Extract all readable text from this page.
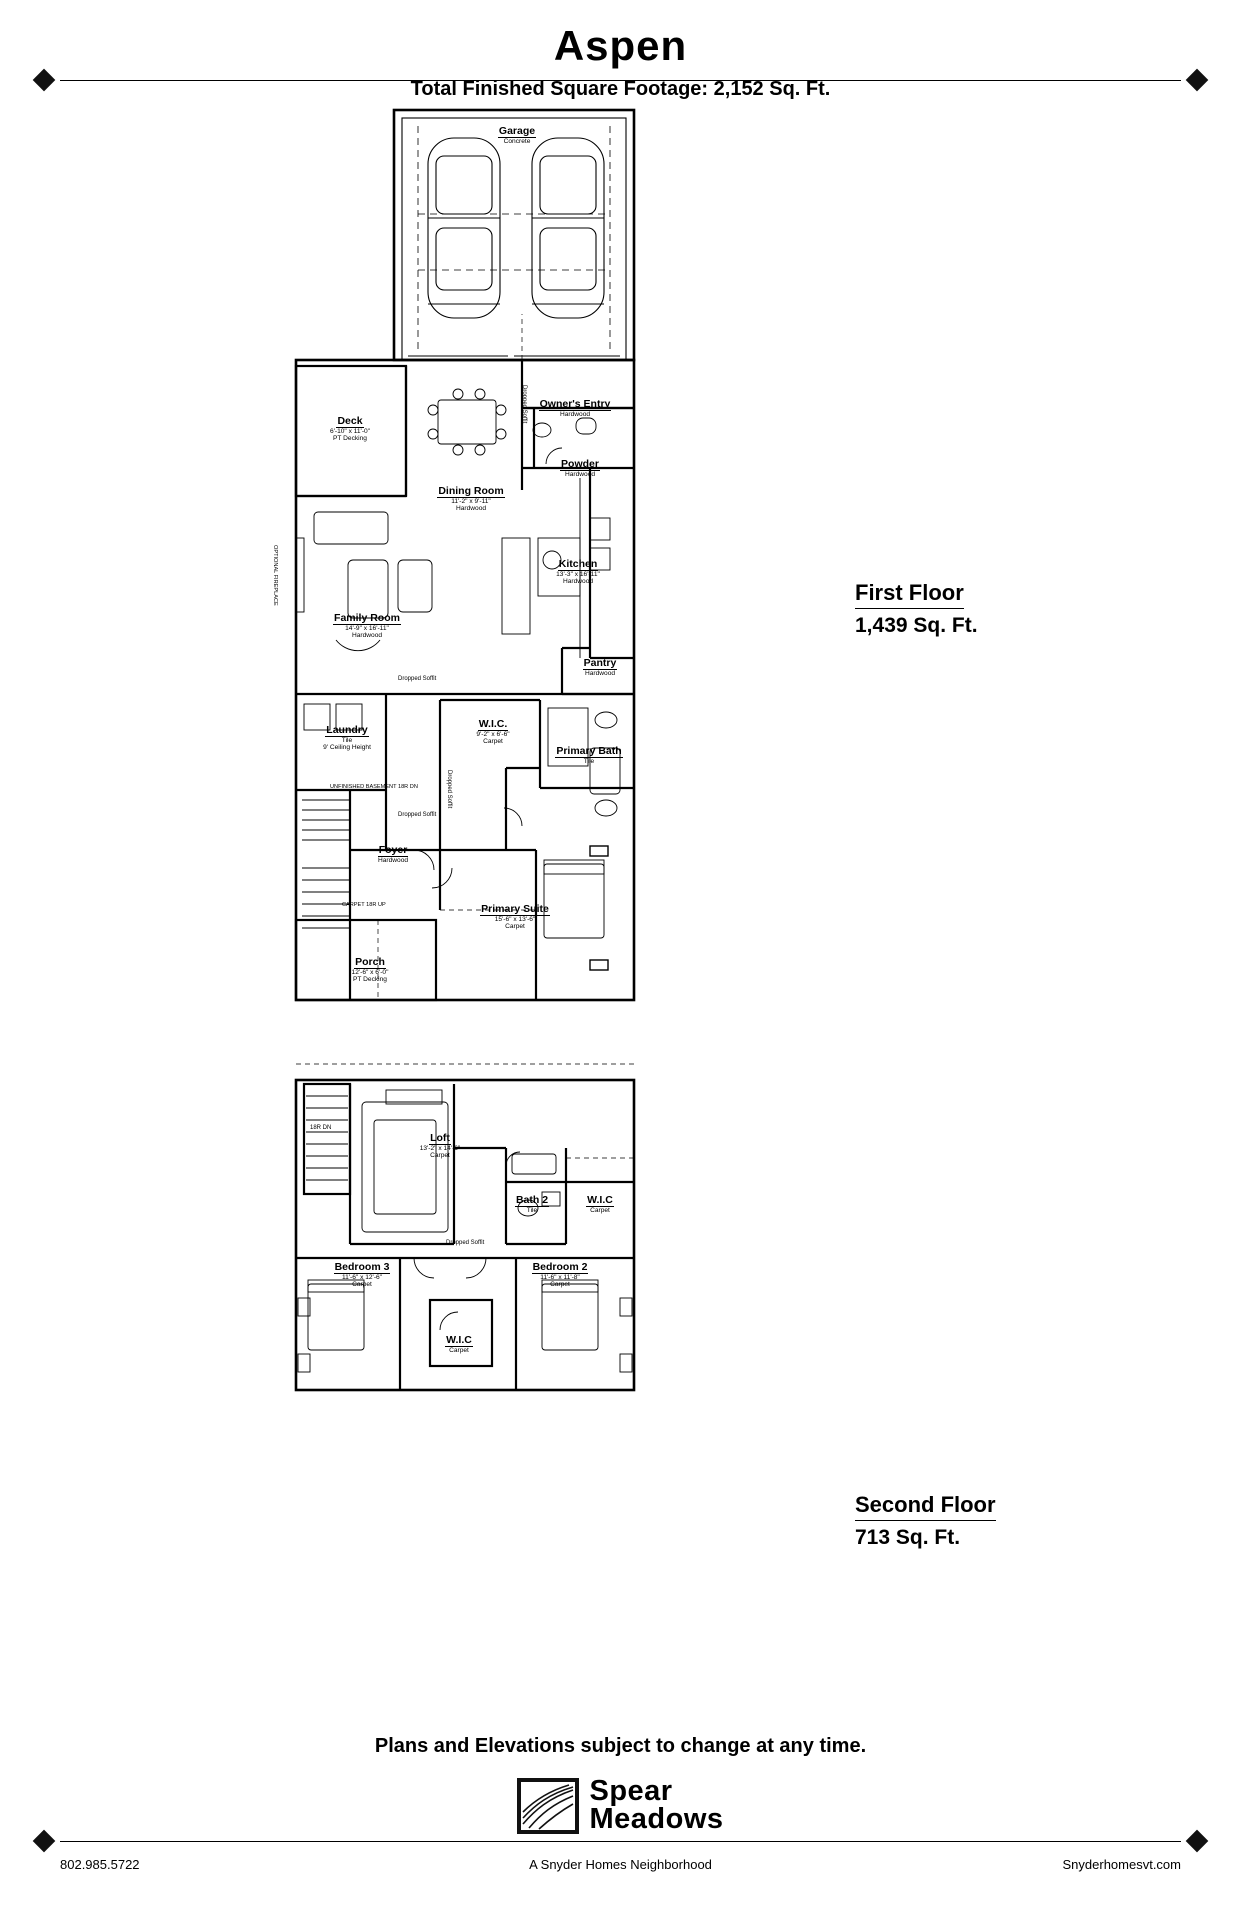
Aspen
Total Finished Square Footage: 2,152 Sq. Ft.
Garage
Concrete
Owner's Entry
Hardwood
Powder
Hardwood
Deck
6'-10" x 11'-0"
PT Decking
Dining Room
11'-2" x 9'-11"
Hardwood
Kitchen
13'-3" x 16'-11"
Hardwood
Family Room
14'-9" x 16'-11"
Hardwood
Pantry
Hardwood
Laundry
Tile
9' Ceiling Height
W.I.C.
9'-2" x 6'-6"
Carpet
Primary Bath
Tile
Foyer
Hardwood
Primary Suite
15'-6" x 13'-6"
Carpet
Porch
12'-6" x 6'-0"
PT Decking
Dropped Soffit
Dropped Soffit
Dropped Soffit
Dropped Soffit
OPTIONAL FIREPLACE
UNFINISHED BASEMENT 18R DN
CARPET 18R UP
First Floor
1,439 Sq. Ft.
Loft
13'-2" x 14'-6"
Carpet
Bath 2
Tile
W.I.C
Carpet
Bedroom 3
11'-6" x 12'-6"
Carpet
Bedroom 2
11'-6" x 11'-8"
Carpet
W.I.C
Carpet
18R DN
Dropped Soffit
Second Floor
713 Sq. Ft.
Plans and Elevations subject to change at any time.
Spear
Meadows
802.985.5722	A Snyder Homes Neighborhood	Snyderhomesvt.com
